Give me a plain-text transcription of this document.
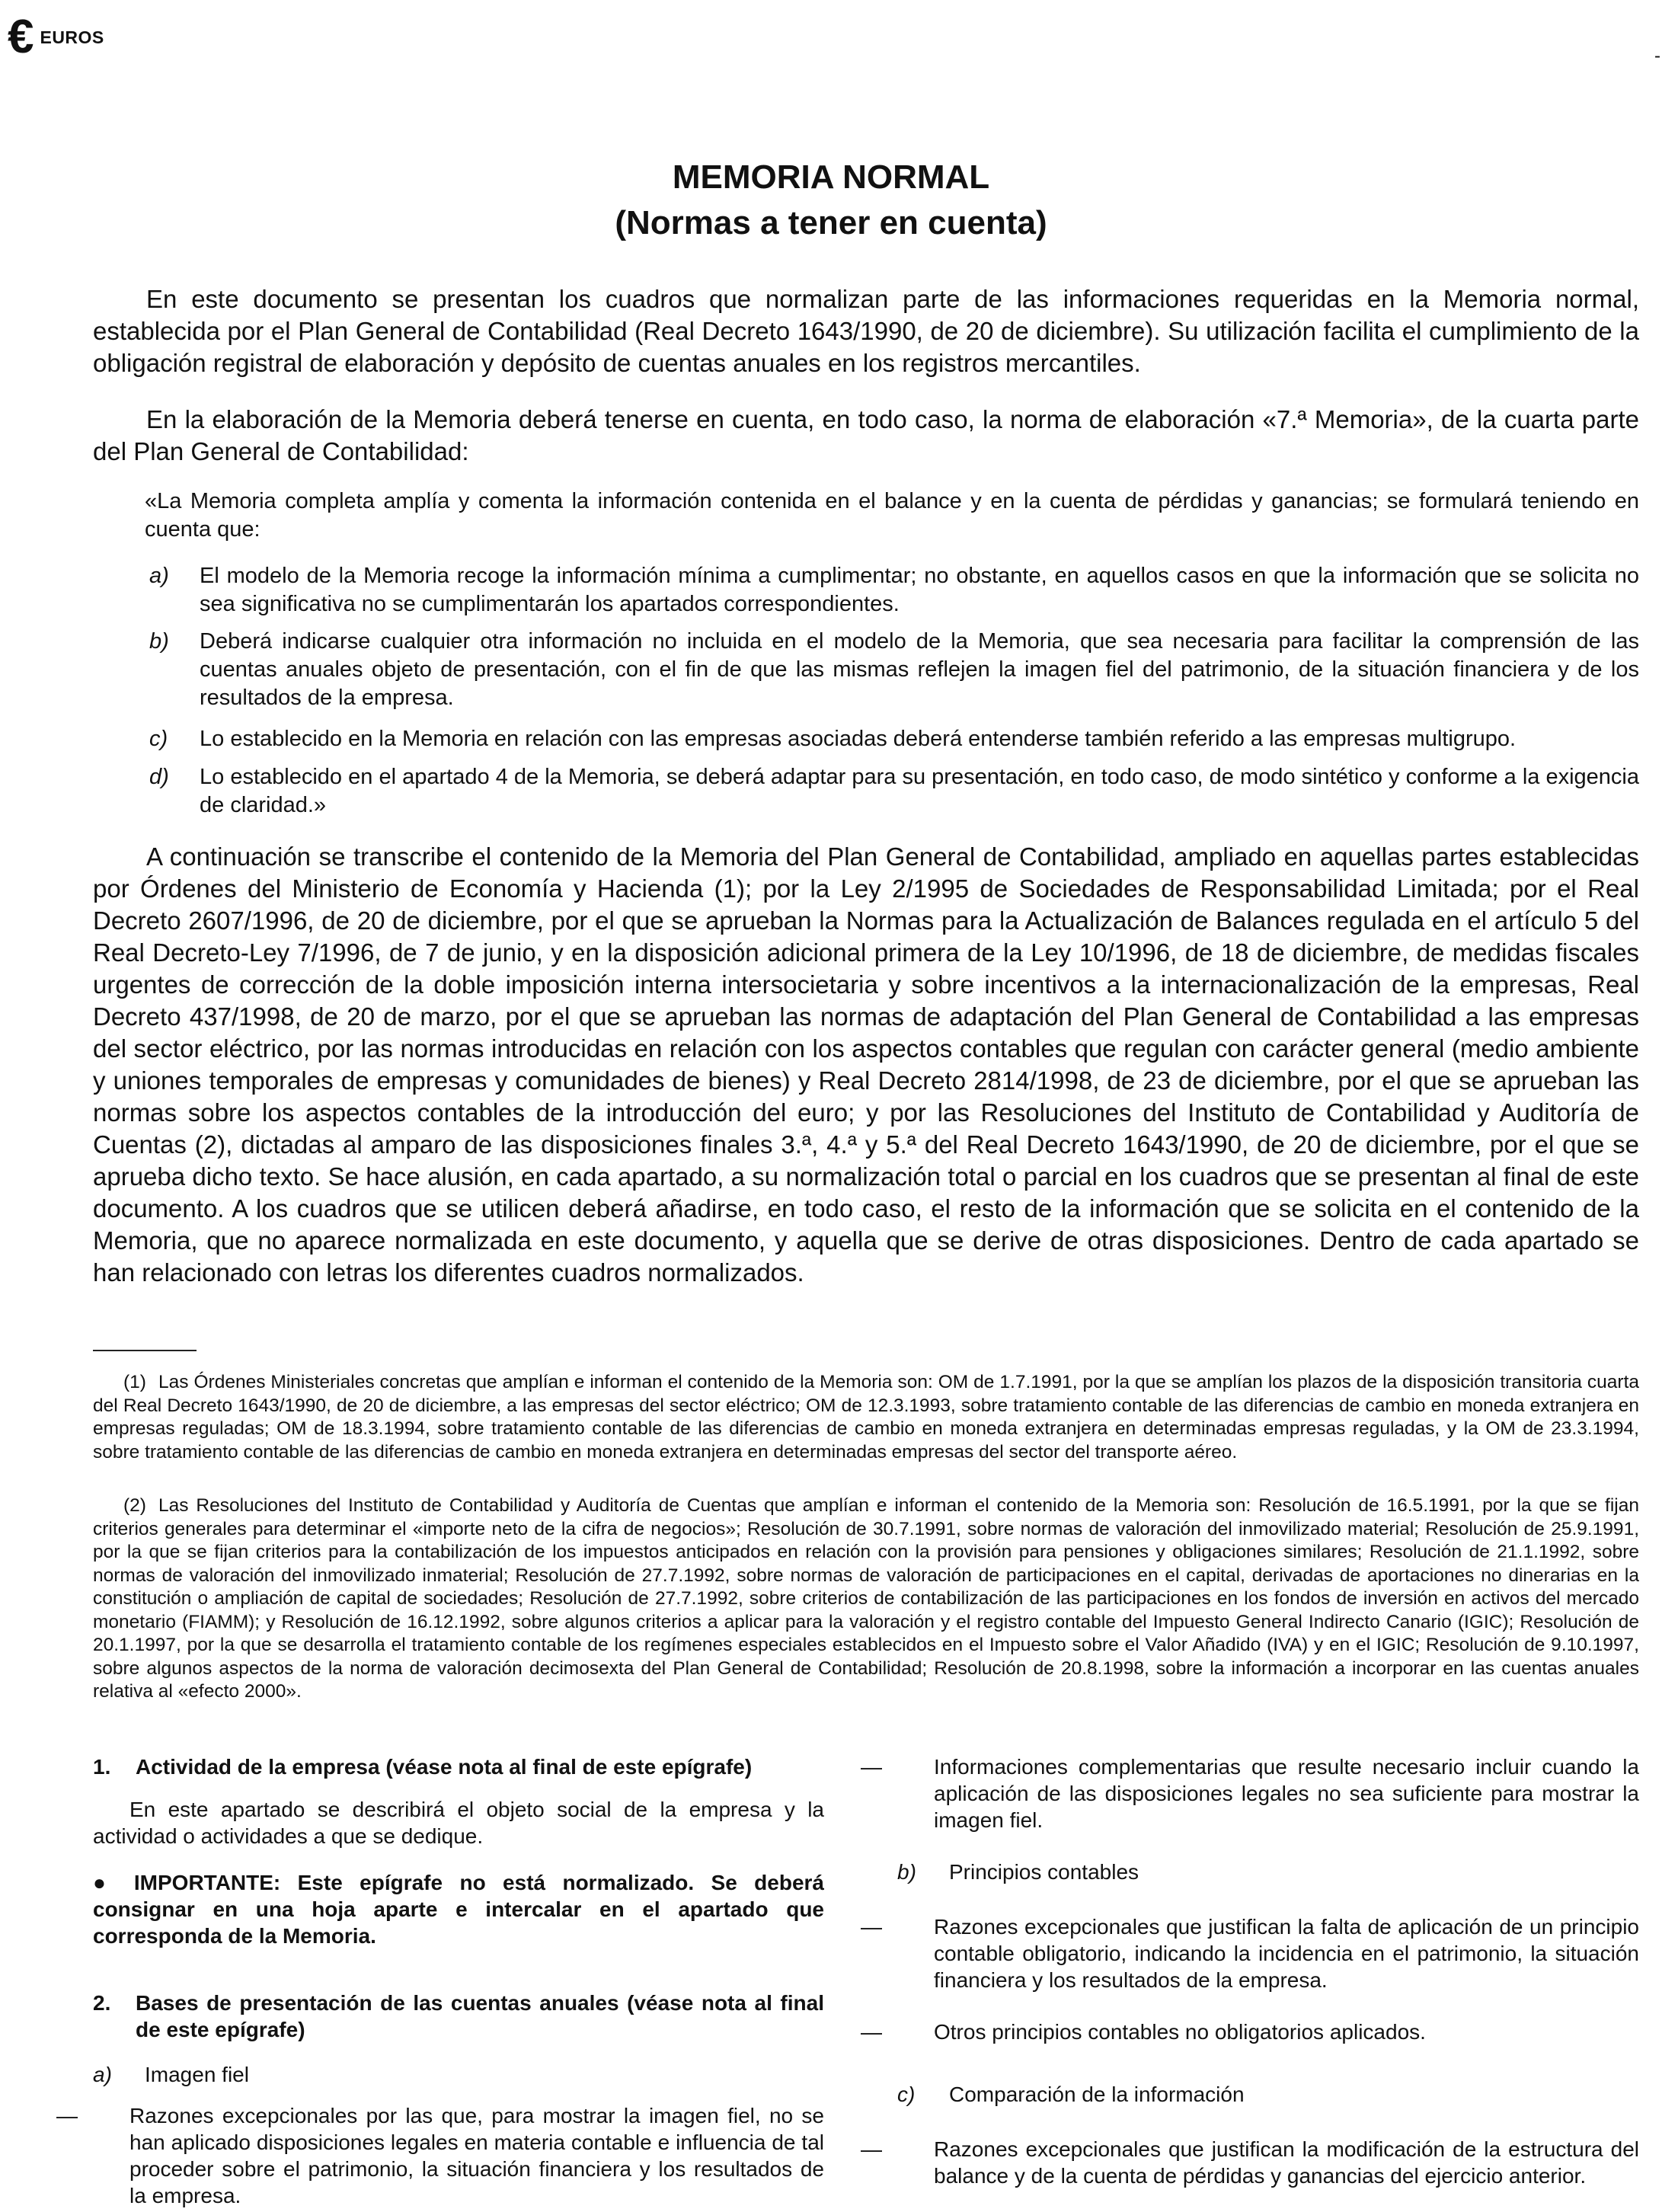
€ EUROS
-
MEMORIA NORMAL
(Normas a tener en cuenta)

En este documento se presentan los cuadros que normalizan parte de las informaciones requeridas en la Memoria normal, establecida por el Plan General de Contabilidad (Real Decreto 1643/1990, de 20 de diciembre). Su utilización facilita el cumplimiento de la obligación registral de elaboración y depósito de cuentas anuales en los registros mercantiles.

En la elaboración de la Memoria deberá tenerse en cuenta, en todo caso, la norma de elaboración «7.ª Memoria», de la cuarta parte del Plan General de Contabilidad:

«La Memoria completa amplía y comenta la información contenida en el balance y en la cuenta de pérdidas y ganancias; se formulará teniendo en cuenta que:

a) El modelo de la Memoria recoge la información mínima a cumplimentar; no obstante, en aquellos casos en que la información que se solicita no sea significativa no se cumplimentarán los apartados correspondientes.
b) Deberá indicarse cualquier otra información no incluida en el modelo de la Memoria, que sea necesaria para facilitar la comprensión de las cuentas anuales objeto de presentación, con el fin de que las mismas reflejen la imagen fiel del patrimonio, de la situación financiera y de los resultados de la empresa.
c) Lo establecido en la Memoria en relación con las empresas asociadas deberá entenderse también referido a las empresas multigrupo.
d) Lo establecido en el apartado 4 de la Memoria, se deberá adaptar para su presentación, en todo caso, de modo sintético y conforme a la exigencia de claridad.»

A continuación se transcribe el contenido de la Memoria del Plan General de Contabilidad, ampliado en aquellas partes establecidas por Órdenes del Ministerio de Economía y Hacienda (1); por la Ley 2/1995 de Sociedades de Responsabilidad Limitada; por el Real Decreto 2607/1996, de 20 de diciembre, por el que se aprueban la Normas para la Actualización de Balances regulada en el artículo 5 del Real Decreto-Ley 7/1996, de 7 de junio, y en la disposición adicional primera de la Ley 10/1996, de 18 de diciembre, de medidas fiscales urgentes de corrección de la doble imposición interna intersocietaria y sobre incentivos a la internacionalización de la empresas, Real Decreto 437/1998, de 20 de marzo, por el que se aprueban las normas de adaptación del Plan General de Contabilidad a las empresas del sector eléctrico, por las normas introducidas en relación con los aspectos contables que regulan con carácter general (medio ambiente y uniones temporales de empresas y comunidades de bienes) y Real Decreto 2814/1998, de 23 de diciembre, por el que se aprueban las normas sobre los aspectos contables de la introducción del euro; y por las Resoluciones del Instituto de Contabilidad y Auditoría de Cuentas (2), dictadas al amparo de las disposiciones finales 3.ª, 4.ª y 5.ª del Real Decreto 1643/1990, de 20 de diciembre, por el que se aprueba dicho texto. Se hace alusión, en cada apartado, a su normalización total o parcial en los cuadros que se presentan al final de este documento. A los cuadros que se utilicen deberá añadirse, en todo caso, el resto de la información que se solicita en el contenido de la Memoria, que no aparece normalizada en este documento, y aquella que se derive de otras disposiciones. Dentro de cada apartado se han relacionado con letras los diferentes cuadros normalizados.

(1) Las Órdenes Ministeriales concretas que amplían e informan el contenido de la Memoria son: OM de 1.7.1991, por la que se amplían los plazos de la disposición transitoria cuarta del Real Decreto 1643/1990, de 20 de diciembre, a las empresas del sector eléctrico; OM de 12.3.1993, sobre tratamiento contable de las diferencias de cambio en moneda extranjera en empresas reguladas; OM de 18.3.1994, sobre tratamiento contable de las diferencias de cambio en moneda extranjera en determinadas empresas reguladas, y la OM de 23.3.1994, sobre tratamiento contable de las diferencias de cambio en moneda extranjera en determinadas empresas del sector del transporte aéreo.

(2) Las Resoluciones del Instituto de Contabilidad y Auditoría de Cuentas que amplían e informan el contenido de la Memoria son: Resolución de 16.5.1991, por la que se fijan criterios generales para determinar el «importe neto de la cifra de negocios»; Resolución de 30.7.1991, sobre normas de valoración del inmovilizado material; Resolución de 25.9.1991, por la que se fijan criterios para la contabilización de los impuestos anticipados en relación con la provisión para pensiones y obligaciones similares; Resolución de 21.1.1992, sobre normas de valoración del inmovilizado inmaterial; Resolución de 27.7.1992, sobre normas de valoración de participaciones en el capital, derivadas de aportaciones no dinerarias en la constitución o ampliación de capital de sociedades; Resolución de 27.7.1992, sobre criterios de contabilización de las participaciones en los fondos de inversión en activos del mercado monetario (FIAMM); y Resolución de 16.12.1992, sobre algunos criterios a aplicar para la valoración y el registro contable del Impuesto General Indirecto Canario (IGIC); Resolución de 20.1.1997, por la que se desarrolla el tratamiento contable de los regímenes especiales establecidos en el Impuesto sobre el Valor Añadido (IVA) y en el IGIC; Resolución de 9.10.1997, sobre algunos aspectos de la norma de valoración decimosexta del Plan General de Contabilidad; Resolución de 20.8.1998, sobre la información a incorporar en las cuentas anuales relativa al «efecto 2000».

1. Actividad de la empresa (véase nota al final de este epígrafe)

En este apartado se describirá el objeto social de la empresa y la actividad o actividades a que se dedique.

● IMPORTANTE: Este epígrafe no está normalizado. Se deberá consignar en una hoja aparte e intercalar en el apartado que corresponda de la Memoria.

2. Bases de presentación de las cuentas anuales (véase nota al final de este epígrafe)

a) Imagen fiel

— Razones excepcionales por las que, para mostrar la imagen fiel, no se han aplicado disposiciones legales en materia contable e influencia de tal proceder sobre el patrimonio, la situación financiera y los resultados de la empresa.
— Informaciones complementarias que resulte necesario incluir cuando la aplicación de las disposiciones legales no sea suficiente para mostrar la imagen fiel.

b) Principios contables

— Razones excepcionales que justifican la falta de aplicación de un principio contable obligatorio, indicando la incidencia en el patrimonio, la situación financiera y los resultados de la empresa.
— Otros principios contables no obligatorios aplicados.

c) Comparación de la información

— Razones excepcionales que justifican la modificación de la estructura del balance y de la cuenta de pérdidas y ganancias del ejercicio anterior.
